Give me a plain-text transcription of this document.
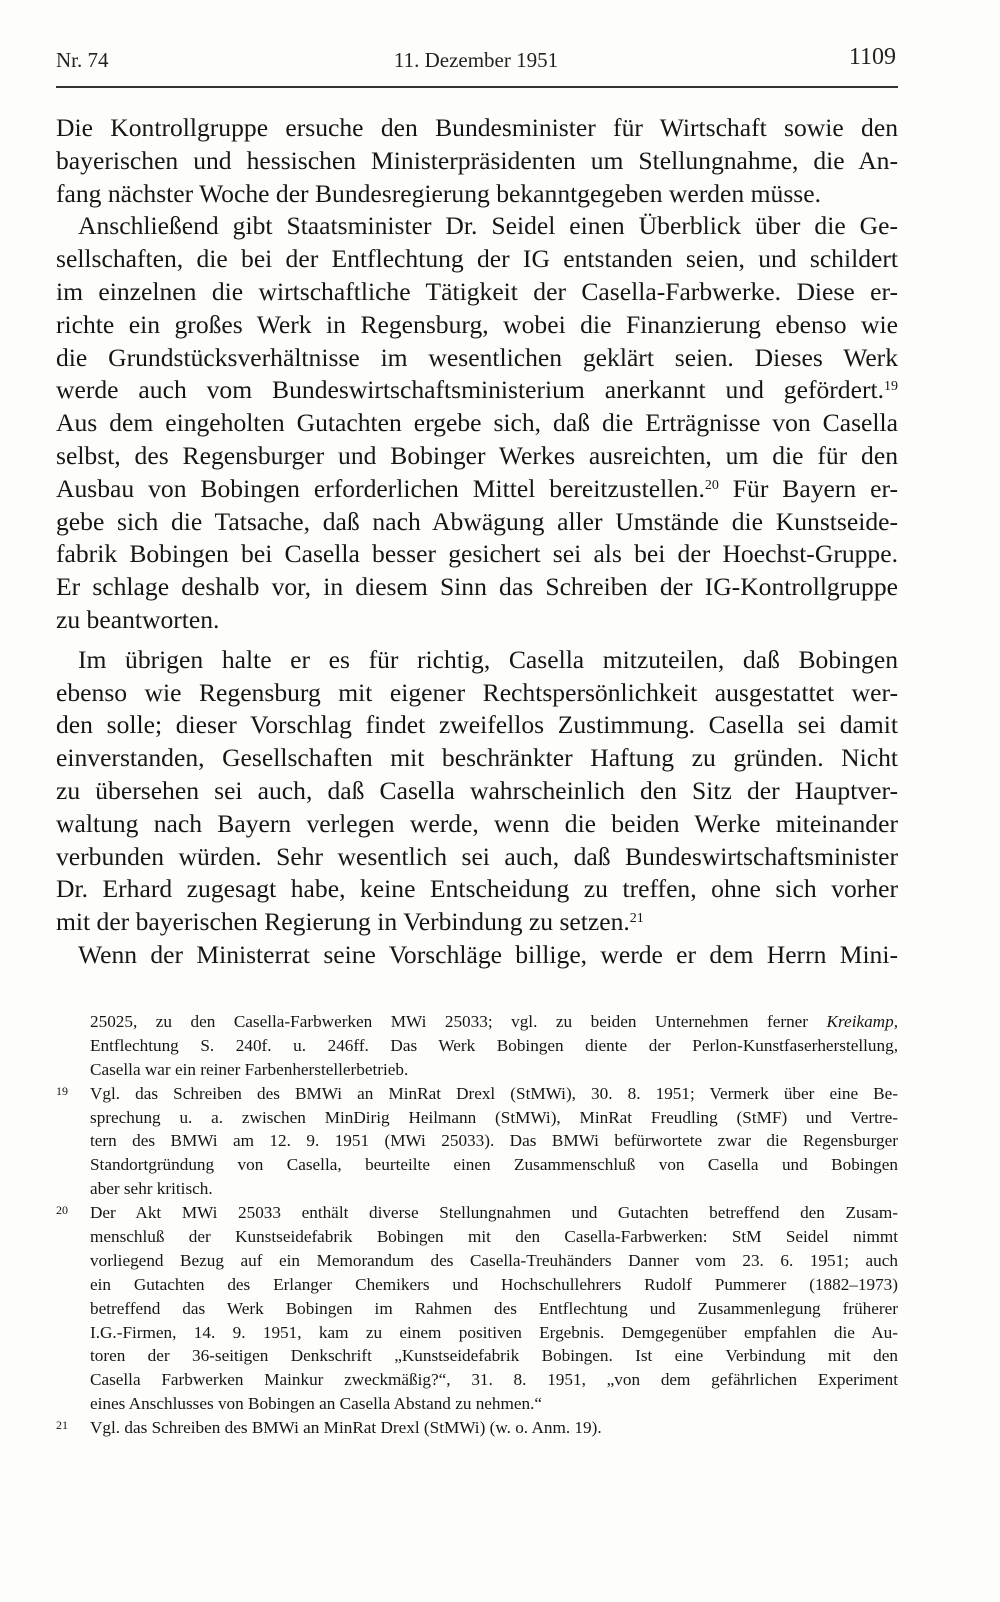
Nr. 74	11. Dezember 1951	1109
Die Kontrollgruppe ersuche den Bundesminister für Wirtschaft sowie den
bayerischen und hessischen Ministerpräsidenten um Stellungnahme, die An-
fang nächster Woche der Bundesregierung bekanntgegeben werden müsse.
Anschließend gibt Staatsminister Dr. Seidel einen Überblick über die Ge-
sellschaften, die bei der Entflechtung der IG entstanden seien, und schildert
im einzelnen die wirtschaftliche Tätigkeit der Casella-Farbwerke. Diese er-
richte ein großes Werk in Regensburg, wobei die Finanzierung ebenso wie
die Grundstücksverhältnisse im wesentlichen geklärt seien. Dieses Werk
werde auch vom Bundeswirtschaftsministerium anerkannt und gefördert.$^{19}$
Aus dem eingeholten Gutachten ergebe sich, daß die Erträgnisse von Casella
selbst, des Regensburger und Bobinger Werkes ausreichten, um die für den
Ausbau von Bobingen erforderlichen Mittel bereitzustellen.$^{20}$ Für Bayern er-
gebe sich die Tatsache, daß nach Abwägung aller Umstände die Kunstseide-
fabrik Bobingen bei Casella besser gesichert sei als bei der Hoechst-Gruppe.
Er schlage deshalb vor, in diesem Sinn das Schreiben der IG-Kontrollgruppe
zu beantworten.
Im übrigen halte er es für richtig, Casella mitzuteilen, daß Bobingen
ebenso wie Regensburg mit eigener Rechtspersönlichkeit ausgestattet wer-
den solle; dieser Vorschlag findet zweifellos Zustimmung. Casella sei damit
einverstanden, Gesellschaften mit beschränkter Haftung zu gründen. Nicht
zu übersehen sei auch, daß Casella wahrscheinlich den Sitz der Hauptver-
waltung nach Bayern verlegen werde, wenn die beiden Werke miteinander
verbunden würden. Sehr wesentlich sei auch, daß Bundeswirtschaftsminister
Dr. Erhard zugesagt habe, keine Entscheidung zu treffen, ohne sich vorher
mit der bayerischen Regierung in Verbindung zu setzen.$^{21}$
Wenn der Ministerrat seine Vorschläge billige, werde er dem Herrn Mini-
25025, zu den Casella-Farbwerken MWi 25033; vgl. zu beiden Unternehmen ferner Kreikamp,
Entflechtung S. 240f. u. 246ff. Das Werk Bobingen diente der Perlon-Kunstfaserherstellung,
Casella war ein reiner Farbenherstellerbetrieb.
19	Vgl. das Schreiben des BMWi an MinRat Drexl (StMWi), 30. 8. 1951; Vermerk über eine Be-
sprechung u. a. zwischen MinDirig Heilmann (StMWi), MinRat Freudling (StMF) und Vertre-
tern des BMWi am 12. 9. 1951 (MWi 25033). Das BMWi befürwortete zwar die Regensburger
Standortgründung von Casella, beurteilte einen Zusammenschluß von Casella und Bobingen
aber sehr kritisch.
20	Der Akt MWi 25033 enthält diverse Stellungnahmen und Gutachten betreffend den Zusam-
menschluß der Kunstseidefabrik Bobingen mit den Casella-Farbwerken: StM Seidel nimmt
vorliegend Bezug auf ein Memorandum des Casella-Treuhänders Danner vom 23. 6. 1951; auch
ein Gutachten des Erlanger Chemikers und Hochschullehrers Rudolf Pummerer (1882–1973)
betreffend das Werk Bobingen im Rahmen des Entflechtung und Zusammenlegung früherer
I.G.-Firmen, 14. 9. 1951, kam zu einem positiven Ergebnis. Demgegenüber empfahlen die Au-
toren der 36-seitigen Denkschrift „Kunstseidefabrik Bobingen. Ist eine Verbindung mit den
Casella Farbwerken Mainkur zweckmäßig?“, 31. 8. 1951, „von dem gefährlichen Experiment
eines Anschlusses von Bobingen an Casella Abstand zu nehmen.“
21	Vgl. das Schreiben des BMWi an MinRat Drexl (StMWi) (w. o. Anm. 19).
